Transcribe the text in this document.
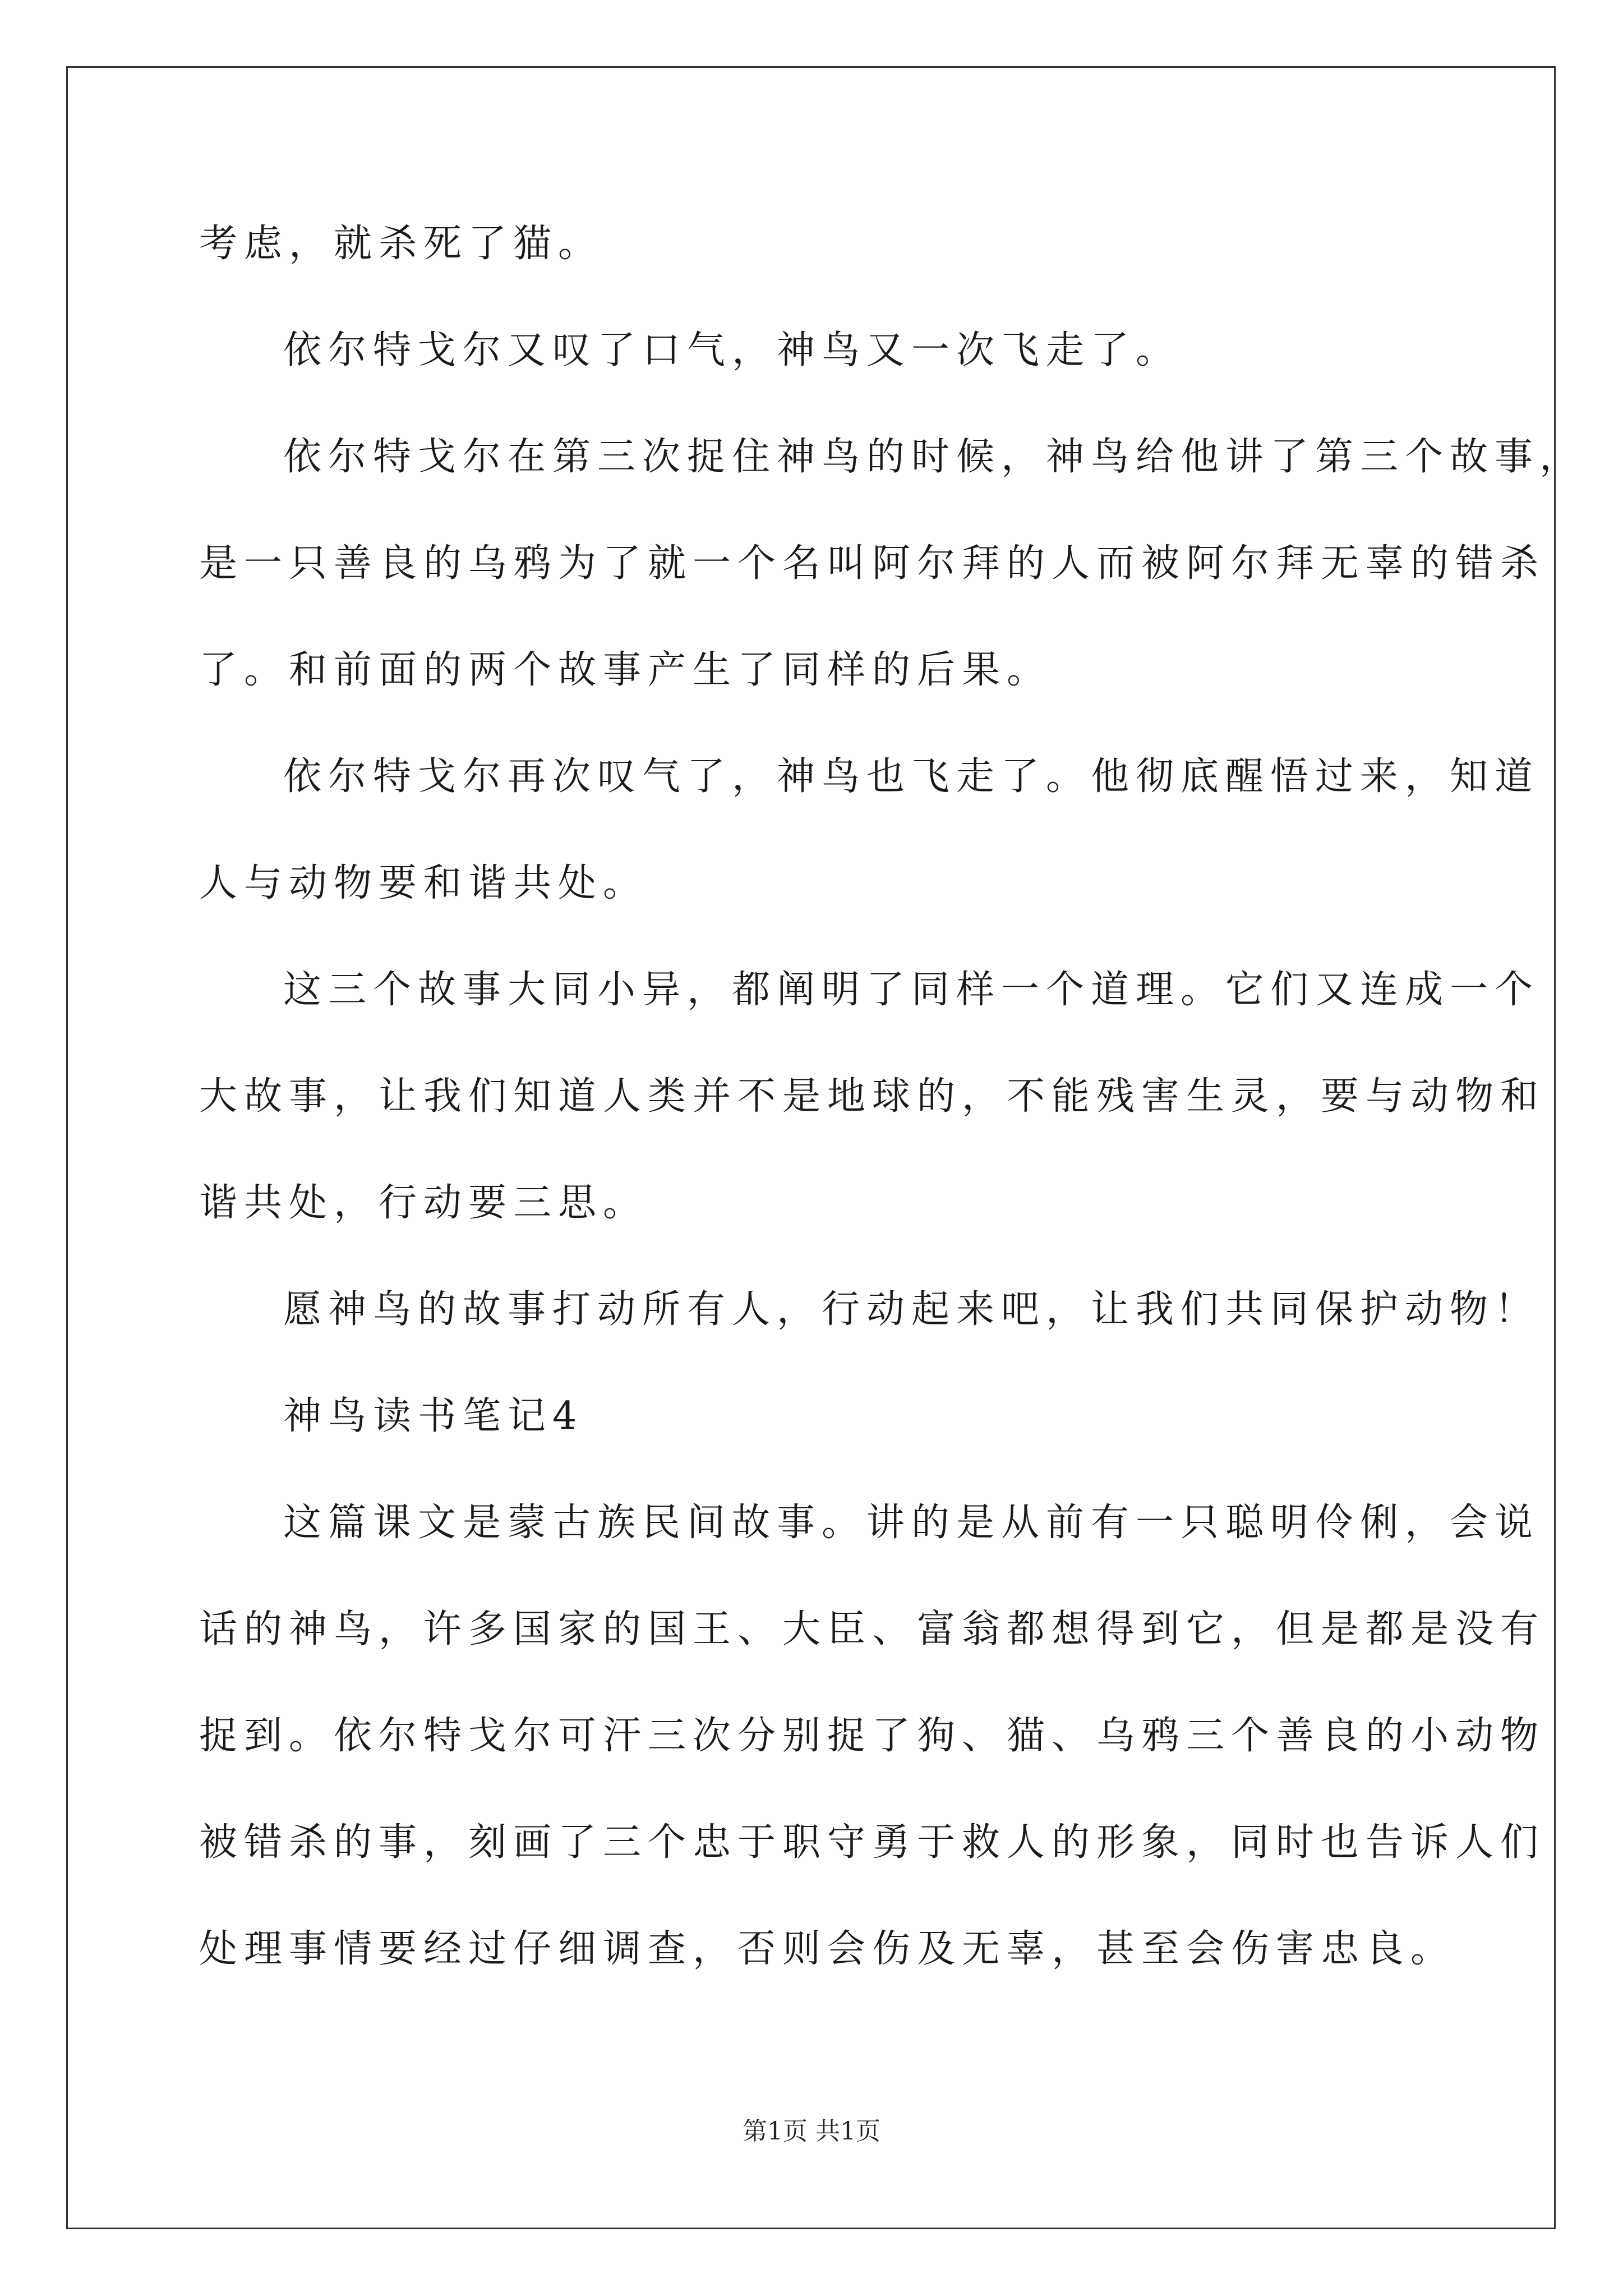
考虑，就杀死了猫。
依尔特戈尔又叹了口气，神鸟又一次飞走了。
依尔特戈尔在第三次捉住神鸟的时候，神鸟给他讲了第三个故事，
是一只善良的乌鸦为了就一个名叫阿尔拜的人而被阿尔拜无辜的错杀
了。和前面的两个故事产生了同样的后果。
依尔特戈尔再次叹气了，神鸟也飞走了。他彻底醒悟过来，知道
人与动物要和谐共处。
这三个故事大同小异，都阐明了同样一个道理。它们又连成一个
大故事，让我们知道人类并不是地球的，不能残害生灵，要与动物和
谐共处，行动要三思。
愿神鸟的故事打动所有人，行动起来吧，让我们共同保护动物！
神鸟读书笔记4
这篇课文是蒙古族民间故事。讲的是从前有一只聪明伶俐，会说
话的神鸟，许多国家的国王、大臣、富翁都想得到它，但是都是没有
捉到。依尔特戈尔可汗三次分别捉了狗、猫、乌鸦三个善良的小动物
被错杀的事，刻画了三个忠于职守勇于救人的形象，同时也告诉人们
处理事情要经过仔细调查，否则会伤及无辜，甚至会伤害忠良。
第1页 共1页
